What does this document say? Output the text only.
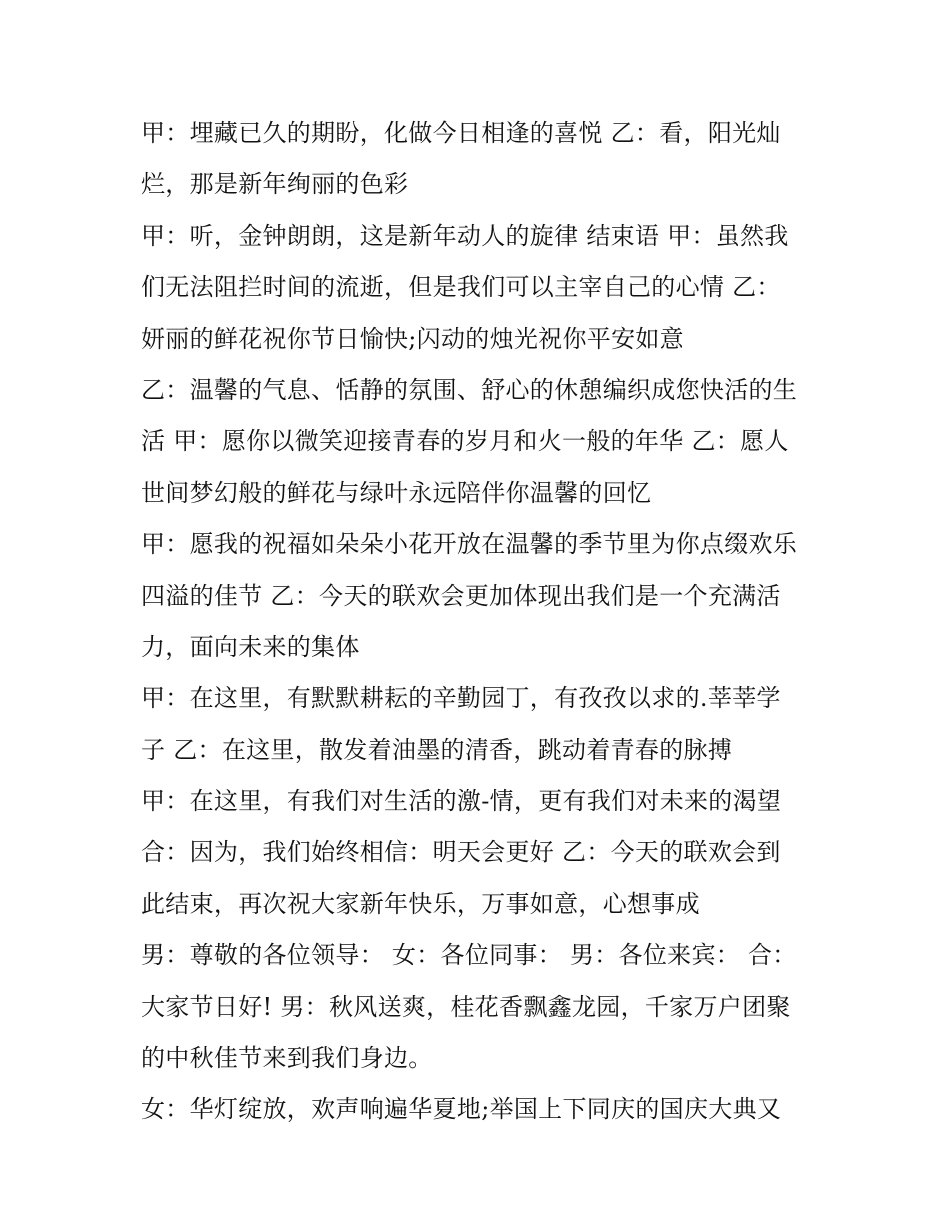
甲：埋藏已久的期盼，化做今日相逢的喜悦 乙：看，阳光灿
烂，那是新年绚丽的色彩
甲：听，金钟朗朗，这是新年动人的旋律 结束语 甲：虽然我
们无法阻拦时间的流逝，但是我们可以主宰自己的心情 乙：
妍丽的鲜花祝你节日愉快;闪动的烛光祝你平安如意
乙：温馨的气息、恬静的氛围、舒心的休憩编织成您快活的生
活 甲：愿你以微笑迎接青春的岁月和火一般的年华 乙：愿人
世间梦幻般的鲜花与绿叶永远陪伴你温馨的回忆
甲：愿我的祝福如朵朵小花开放在温馨的季节里为你点缀欢乐
四溢的佳节 乙：今天的联欢会更加体现出我们是一个充满活
力，面向未来的集体
甲：在这里，有默默耕耘的辛勤园丁，有孜孜以求的.莘莘学
子 乙：在这里，散发着油墨的清香，跳动着青春的脉搏
甲：在这里，有我们对生活的激-情，更有我们对未来的渴望
合：因为，我们始终相信：明天会更好 乙：今天的联欢会到
此结束，再次祝大家新年快乐，万事如意，心想事成
男：尊敬的各位领导： 女：各位同事： 男：各位来宾： 合：
大家节日好! 男：秋风送爽，桂花香飘鑫龙园，千家万户团聚
的中秋佳节来到我们身边。
女：华灯绽放，欢声响遍华夏地;举国上下同庆的国庆大典又
